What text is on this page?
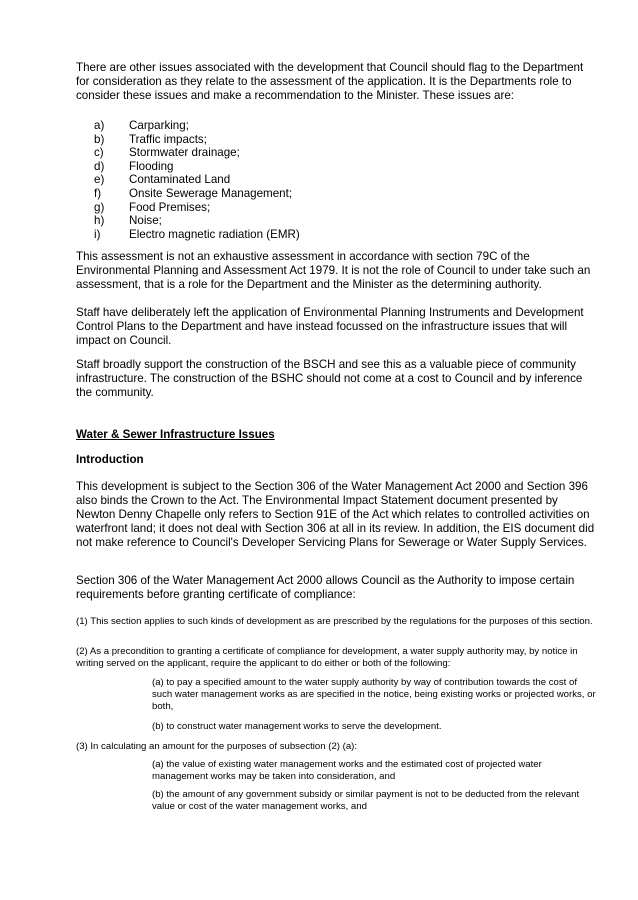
There are other issues associated with the development that Council should flag to the Department for consideration as they relate to the assessment of the application. It is the Departments role to consider these issues and make a recommendation to the Minister. These issues are:

a)	Carparking;
b)	Traffic impacts;
c)	Stormwater drainage;
d)	Flooding
e)	Contaminated Land
f)	Onsite Sewerage Management;
g)	Food Premises;
h)	Noise;
i)	Electro magnetic radiation (EMR)

This assessment is not an exhaustive assessment in accordance with section 79C of the Environmental Planning and Assessment Act 1979. It is not the role of Council to under take such an assessment, that is a role for the Department and the Minister as the determining authority.

Staff have deliberately left the application of Environmental Planning Instruments and Development Control Plans to the Department and have instead focussed on the infrastructure issues that will impact on Council.

Staff broadly support the construction of the BSCH and see this as a valuable piece of community infrastructure. The construction of the BSHC should not come at a cost to Council and by inference the community.

Water & Sewer Infrastructure Issues

Introduction

This development is subject to the Section 306 of the Water Management Act 2000 and Section 396 also binds the Crown to the Act. The Environmental Impact Statement document presented by Newton Denny Chapelle only refers to Section 91E of the Act which relates to controlled activities on waterfront land; it does not deal with Section 306 at all in its review. In addition, the EIS document did not make reference to Council's Developer Servicing Plans for Sewerage or Water Supply Services.

Section 306 of the Water Management Act 2000 allows Council as the Authority to impose certain requirements before granting certificate of compliance:

(1) This section applies to such kinds of development as are prescribed by the regulations for the purposes of this section.

(2) As a precondition to granting a certificate of compliance for development, a water supply authority may, by notice in writing served on the applicant, require the applicant to do either or both of the following:

(a) to pay a specified amount to the water supply authority by way of contribution towards the cost of such water management works as are specified in the notice, being existing works or projected works, or both,

(b) to construct water management works to serve the development.

(3) In calculating an amount for the purposes of subsection (2) (a):

(a) the value of existing water management works and the estimated cost of projected water management works may be taken into consideration, and

(b) the amount of any government subsidy or similar payment is not to be deducted from the relevant value or cost of the water management works, and
